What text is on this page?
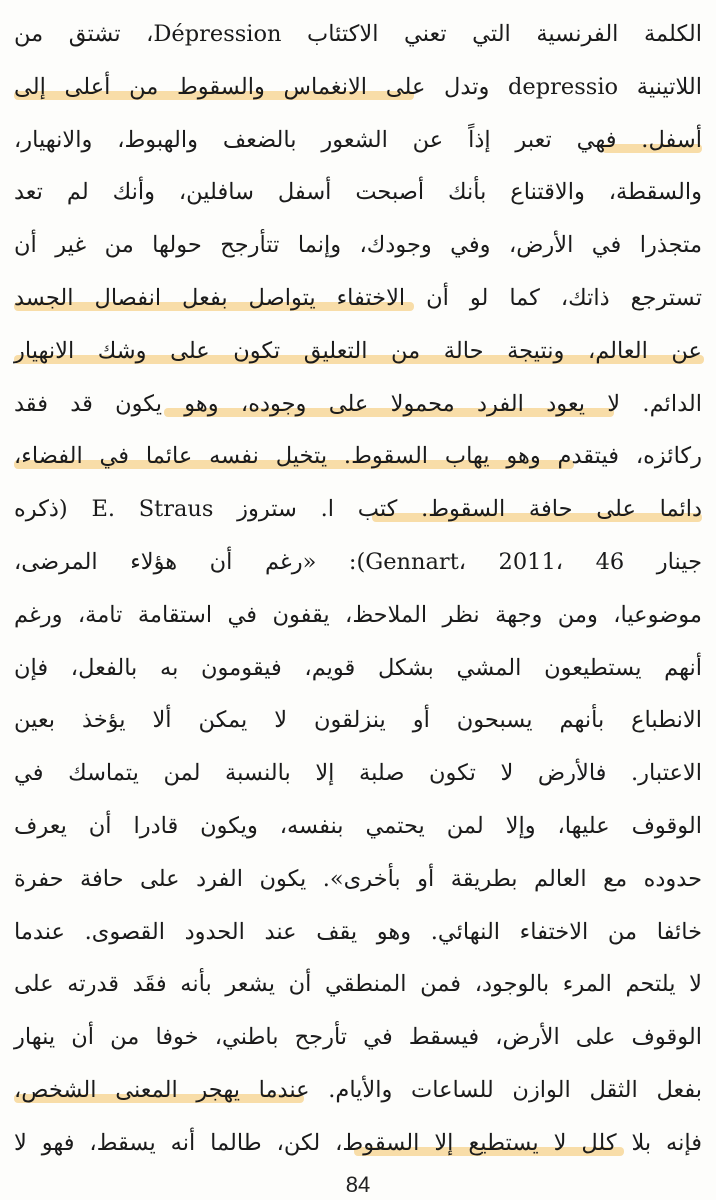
الكلمة الفرنسية التي تعني الاكتئاب Dépression، تشتق من
اللاتينية depressio وتدل على الانغماس والسقوط من أعلى إلى
أسفل. فهي تعبر إذاً عن الشعور بالضعف والهبوط، والانهيار،
والسقطة، والاقتناع بأنك أصبحت أسفل سافلين، وأنك لم تعد
متجذرا في الأرض، وفي وجودك، وإنما تتأرجح حولها من غير أن
تسترجع ذاتك، كما لو أن الاختفاء يتواصل بفعل انفصال الجسد
عن العالم، ونتيجة حالة من التعليق تكون على وشك الانهيار
الدائم. لا يعود الفرد محمولا على وجوده، وهو يكون قد فقد
ركائزه، فيتقدم وهو يهاب السقوط. يتخيل نفسه عائما في الفضاء،
دائما على حافة السقوط. كتب ا. ستروز E. Straus (ذكره
جينار Gennart، 2011، 46): «رغم أن هؤلاء المرضى،
موضوعيا، ومن وجهة نظر الملاحظ، يقفون في استقامة تامة، ورغم
أنهم يستطيعون المشي بشكل قويم، فيقومون به بالفعل، فإن
الانطباع بأنهم يسبحون أو ينزلقون لا يمكن ألا يؤخذ بعين
الاعتبار. فالأرض لا تكون صلبة إلا بالنسبة لمن يتماسك في
الوقوف عليها، وإلا لمن يحتمي بنفسه، ويكون قادرا أن يعرف
حدوده مع العالم بطريقة أو بأخرى». يكون الفرد على حافة حفرة
خائفا من الاختفاء النهائي. وهو يقف عند الحدود القصوى. عندما
لا يلتحم المرء بالوجود، فمن المنطقي أن يشعر بأنه فقَد قدرته على
الوقوف على الأرض، فيسقط في تأرجح باطني، خوفا من أن ينهار
بفعل الثقل الوازن للساعات والأيام. عندما يهجر المعنى الشخص،
فإنه بلا كلل لا يستطيع إلا السقوط، لكن، طالما أنه يسقط، فهو لا
84
